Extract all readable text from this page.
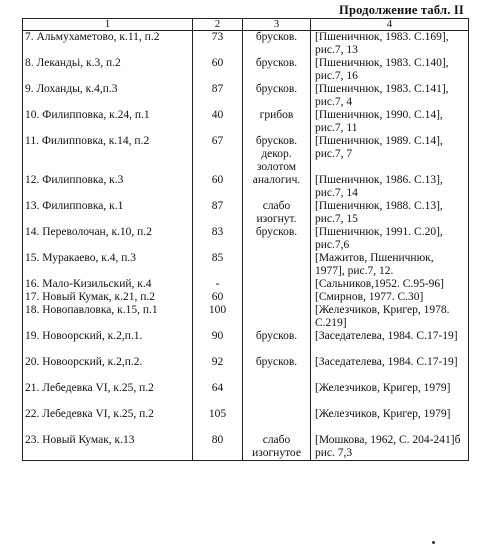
Продолжение табл. II
1	2	3	4
7. Альмухаметово, к.11, п.2	73	брусков.	[Пшеничнюк, 1983. С.169], рис.7, 13
8. Лекандьі, к.3, п.2	60	брусков.	[Пшеничнюк, 1983. С.140], рис.7, 16
9. Лоханды, к.4,п.3	87	брусков.	[Пшеничнюк, 1983. С.141], рис.7, 4
10. Филипповка, к.24, п.1	40	грибов	[Пшеничнюк, 1990. С.14], рис.7, 11
11. Филипповка, к.14, п.2	67	брусков. декор. золотом	[Пшеничнюк, 1989. С.14], рис.7, 7
12. Филипповка, к.3	60	аналогич.	[Пшеничнюк, 1986. С.13], рис.7, 14
13. Филипповка, к.1	87	слабо изогнут.	[Пшеничнюк, 1988. С.13], рис.7, 15
14. Переволочан, к.10, п.2	83	брусков.	[Пшеничнюк, 1991. С.20], рис.7,6
15. Муракаево, к.4, п.3	85		[Мажитов, Пшеничнюк, 1977], рис.7, 12.
16. Мало-Кизильский, к.4	-		[Сальников,1952. С.95-96]
17. Новый Кумак, к.21, п.2	60		[Смирнов, 1977. С.30]
18. Новопавловка, к.15, п.1	100		[Железчиков, Кригер, 1978. С.219]
19. Новоорский, к.2,п.1.	90	брусков.	[Заседателева, 1984. С.17-19]
20. Новоорский, к.2,п.2.	92	брусков.	[Заседателева, 1984. С.17-19]
21. Лебедевка VI, к.25, п.2	64		[Железчиков, Кригер, 1979]
22. Лебедевка VI, к.25, п.2	105		[Железчиков, Кригер, 1979]
23. Новый Кумак, к.13	80	слабо изогнутое	[Мошкова, 1962, С. 204-241]б рис. 7,3
